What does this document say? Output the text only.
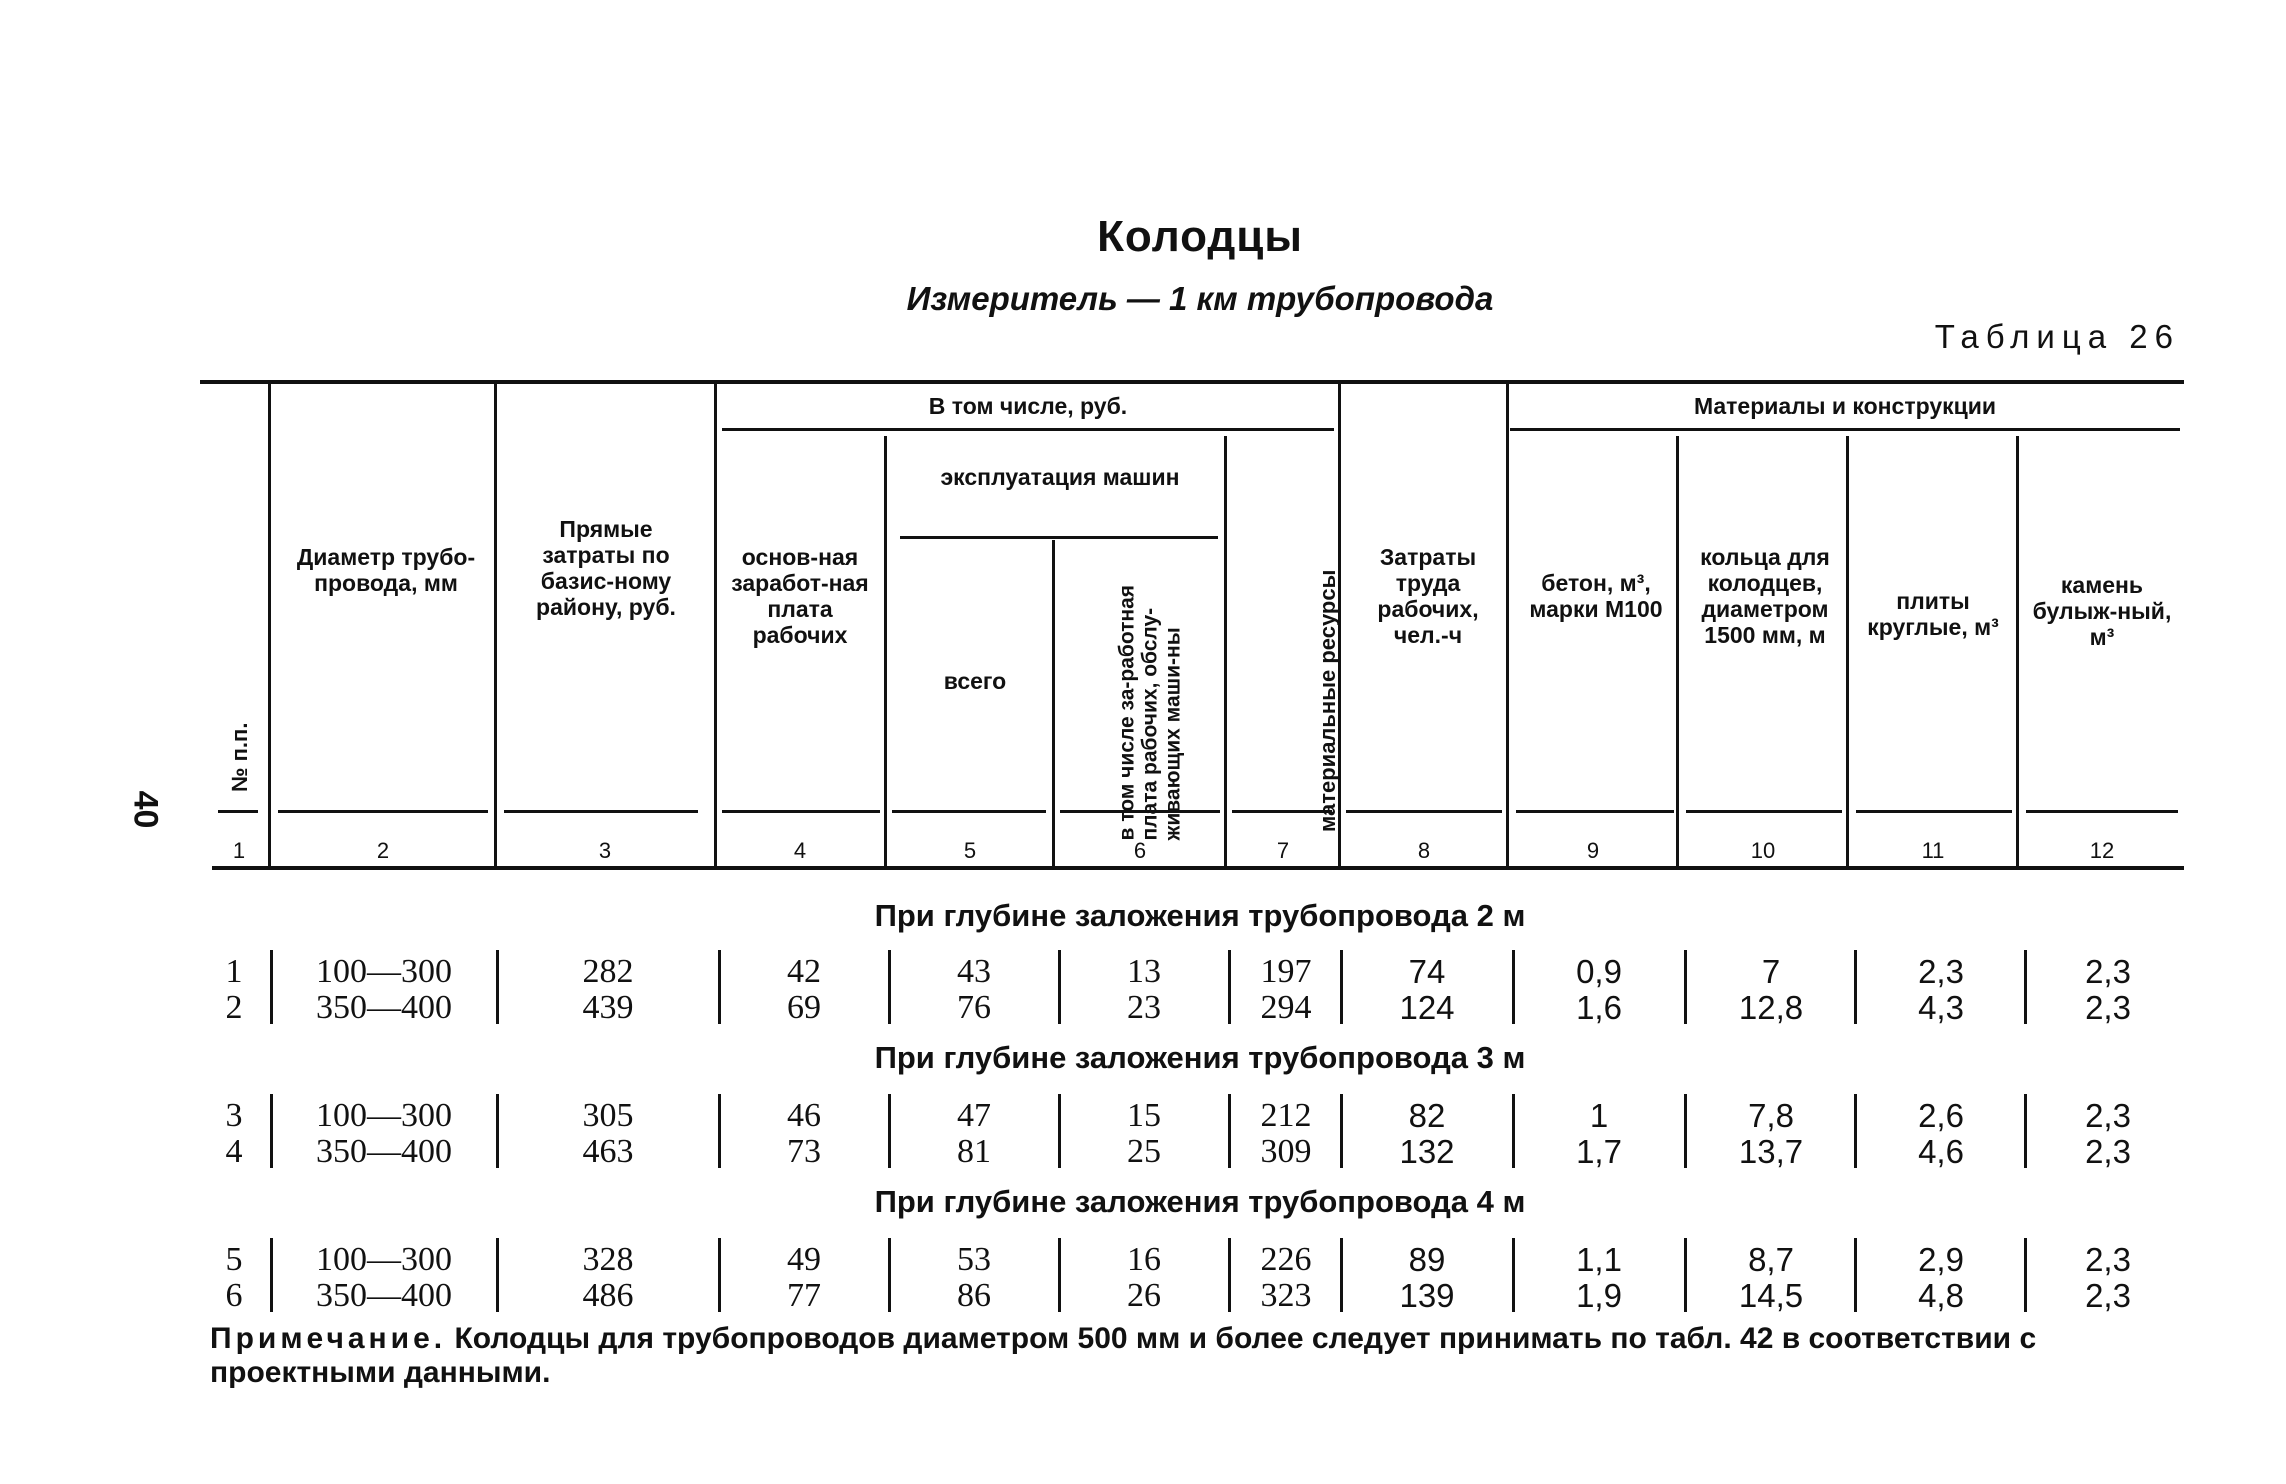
Колодцы
Измеритель — 1 км трубопровода
Таблица 26
40
№ п.п.
Диаметр трубо-провода, мм
Прямые затраты по базис-ному району, руб.
В том числе, руб.
основ-ная заработ-ная плата рабочих
эксплуатация машин
всего	в том числе за-работная плата рабочих, обслу-живающих маши-ны	материальные ресурсы
Затраты труда рабочих, чел.-ч
Материалы и конструкции
бетон, м³, марки М100
кольца для колодцев, диаметром 1500 мм, м
плиты круглые, м³
камень булыж-ный, м³
1	2	3	4	5	6	7	8	9	10	11	12
При глубине заложения трубопровода 2 м
При глубине заложения трубопровода 3 м
При глубине заложения трубопровода 4 м
1	100—300	282	42	43	13	197	74	0,9	7	2,3	2,3
2	350—400	439	69	76	23	294	124	1,6	12,8	4,3	2,3
3	100—300	305	46	47	15	212	82	1	7,8	2,6	2,3
4	350—400	463	73	81	25	309	132	1,7	13,7	4,6	2,3
5	100—300	328	49	53	16	226	89	1,1	8,7	2,9	2,3
6	350—400	486	77	86	26	323	139	1,9	14,5	4,8	2,3
Примечание. Колодцы для трубопроводов диаметром 500 мм и более следует принимать по табл. 42 в соответствии с проектными данными.
